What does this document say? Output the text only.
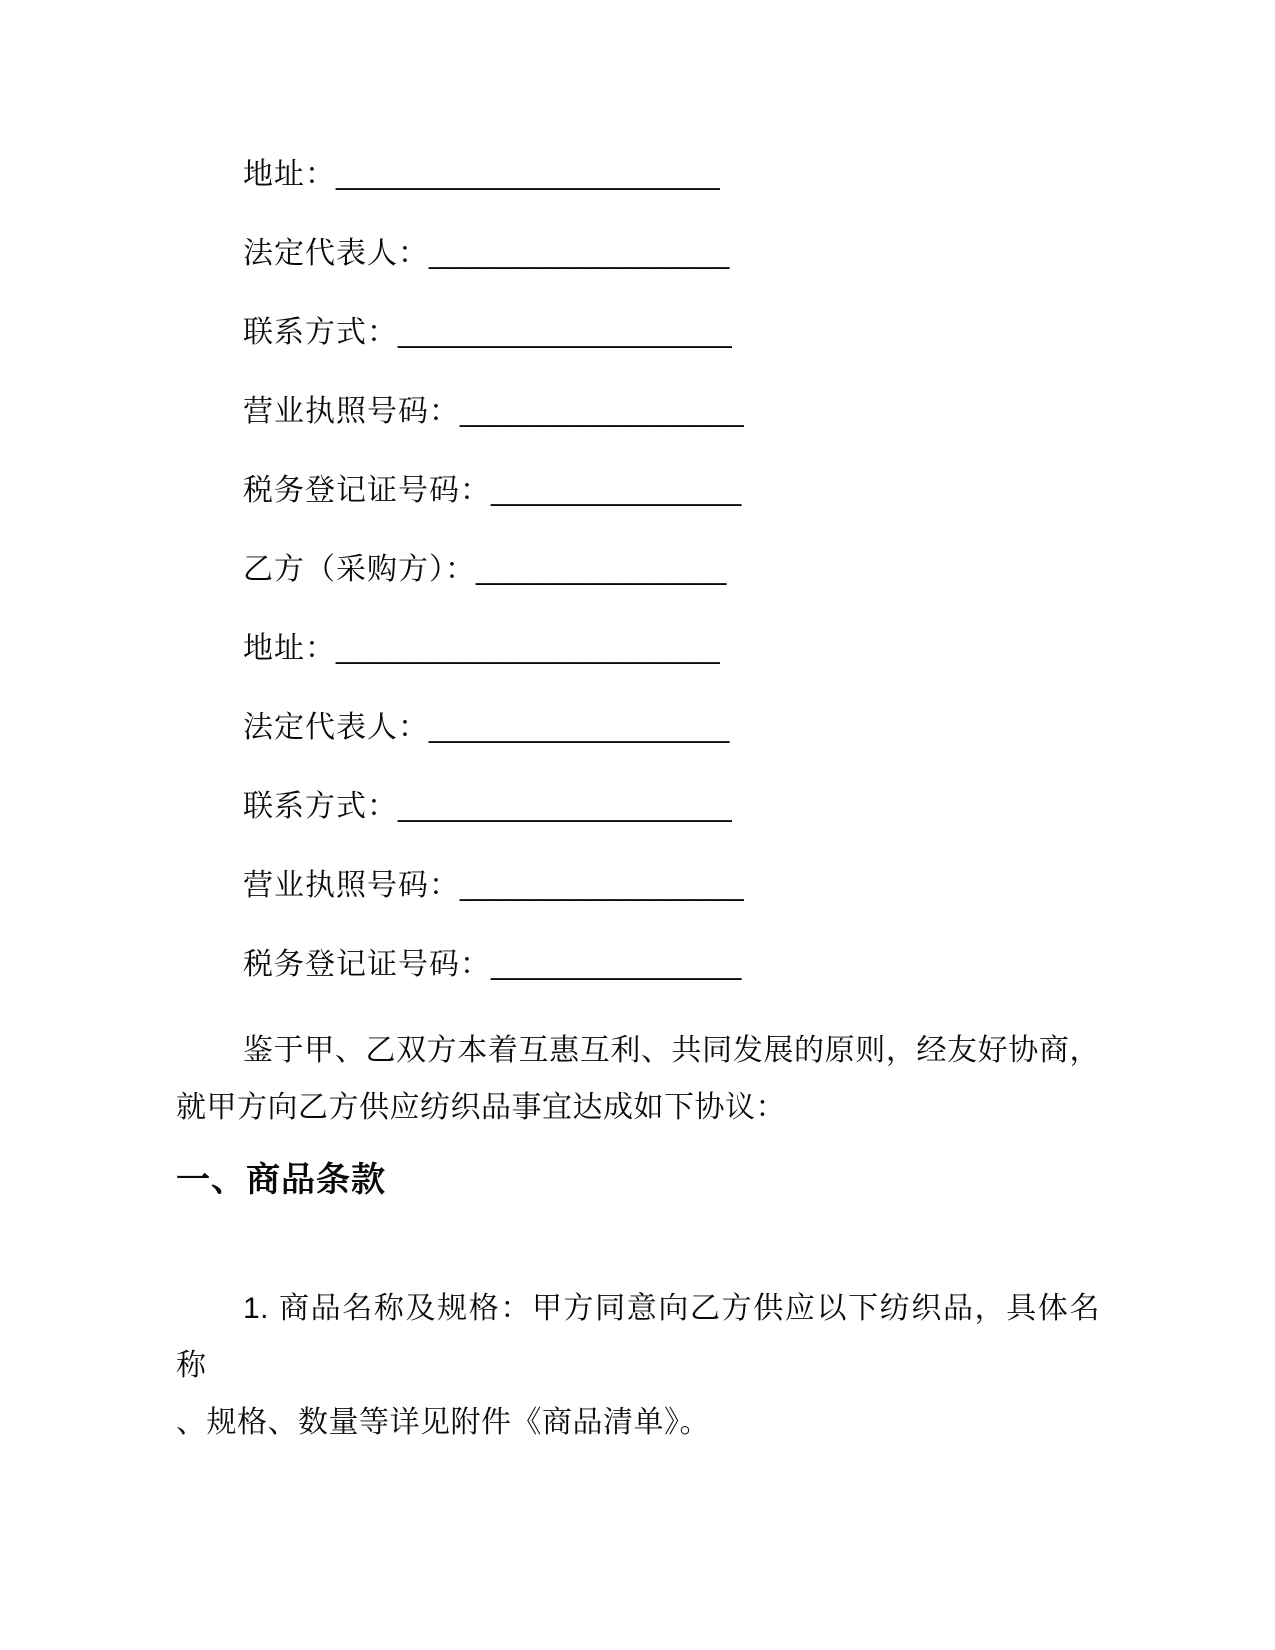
地址：_______________________
法定代表人：__________________
联系方式：____________________
营业执照号码：_________________
税务登记证号码：_______________
乙方（采购方）：_______________
地址：_______________________
法定代表人：__________________
联系方式：____________________
营业执照号码：_________________
税务登记证号码：_______________

鉴于甲、乙双方本着互惠互利、共同发展的原则，经友好协商，
就甲方向乙方供应纺织品事宜达成如下协议：

一、商品条款

1. 商品名称及规格：甲方同意向乙方供应以下纺织品，具体名称
、规格、数量等详见附件《商品清单》。
